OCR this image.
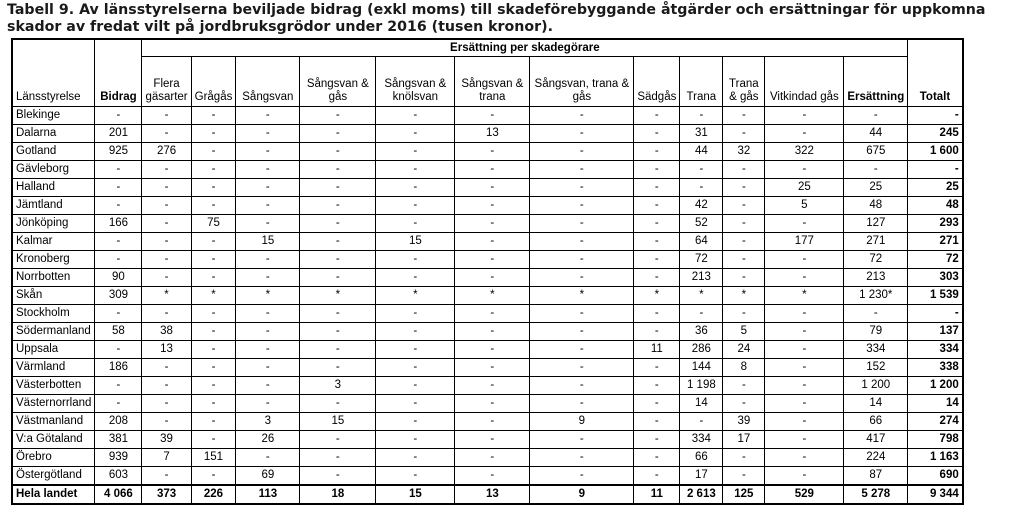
Tabell 9. Av länsstyrelserna beviljade bidrag (exkl moms) till skadeförebyggande åtgärder och ersättningar för uppkomna skador av fredat vilt på jordbruksgrödor under 2016 (tusen kronor).
		Ersättning per skadegörare												
Länsstyrelse	Bidrag	Flera gäsarter	Grågås	Sångsvan	Sångsvan & gås	Sångsvan & knölsvan	Sångsvan & trana	Sångsvan, trana & gås	Sädgås	Trana	Trana & gås	Vitkindad gås	Ersättning	Totalt
Blekinge	-	-	-	-	-	-	-	-	-	-	-	-	-	-
Dalarna	201	-	-	-	-	-	13	-	-	31	-	-	44	245
Gotland	925	276	-	-	-	-	-	-	-	44	32	322	675	1 600
Gävleborg	-	-	-	-	-	-	-	-	-	-	-	-	-	-
Halland	-	-	-	-	-	-	-	-	-	-	-	25	25	25
Jämtland	-	-	-	-	-	-	-	-	-	42	-	5	48	48
Jönköping	166	-	75	-	-	-	-	-	-	52	-	-	127	293
Kalmar	-	-	-	15	-	15	-	-	-	64	-	177	271	271
Kronoberg	-	-	-	-	-	-	-	-	-	72	-	-	72	72
Norrbotten	90	-	-	-	-	-	-	-	-	213	-	-	213	303
Skån	309	*	*	*	*	*	*	*	*	*	*	*	1 230*	1 539
Stockholm	-	-	-	-	-	-	-	-	-	-	-	-	-	-
Södermanland	58	38	-	-	-	-	-	-	-	36	5	-	79	137
Uppsala	-	13	-	-	-	-	-	-	11	286	24	-	334	334
Värmland	186	-	-	-	-	-	-	-	-	144	8	-	152	338
Västerbotten	-	-	-	-	3	-	-	-	-	1 198	-	-	1 200	1 200
Västernorrland	-	-	-	-	-	-	-	-	-	14	-	-	14	14
Västmanland	208	-	-	3	15	-	-	9	-	-	39	-	66	274
V:a Götaland	381	39	-	26	-	-	-	-	-	334	17	-	417	798
Örebro	939	7	151	-	-	-	-	-	-	66	-	-	224	1 163
Östergötland	603	-	-	69	-	-	-	-	-	17	-	-	87	690
Hela landet	4 066	373	226	113	18	15	13	9	11	2 613	125	529	5 278	9 344
